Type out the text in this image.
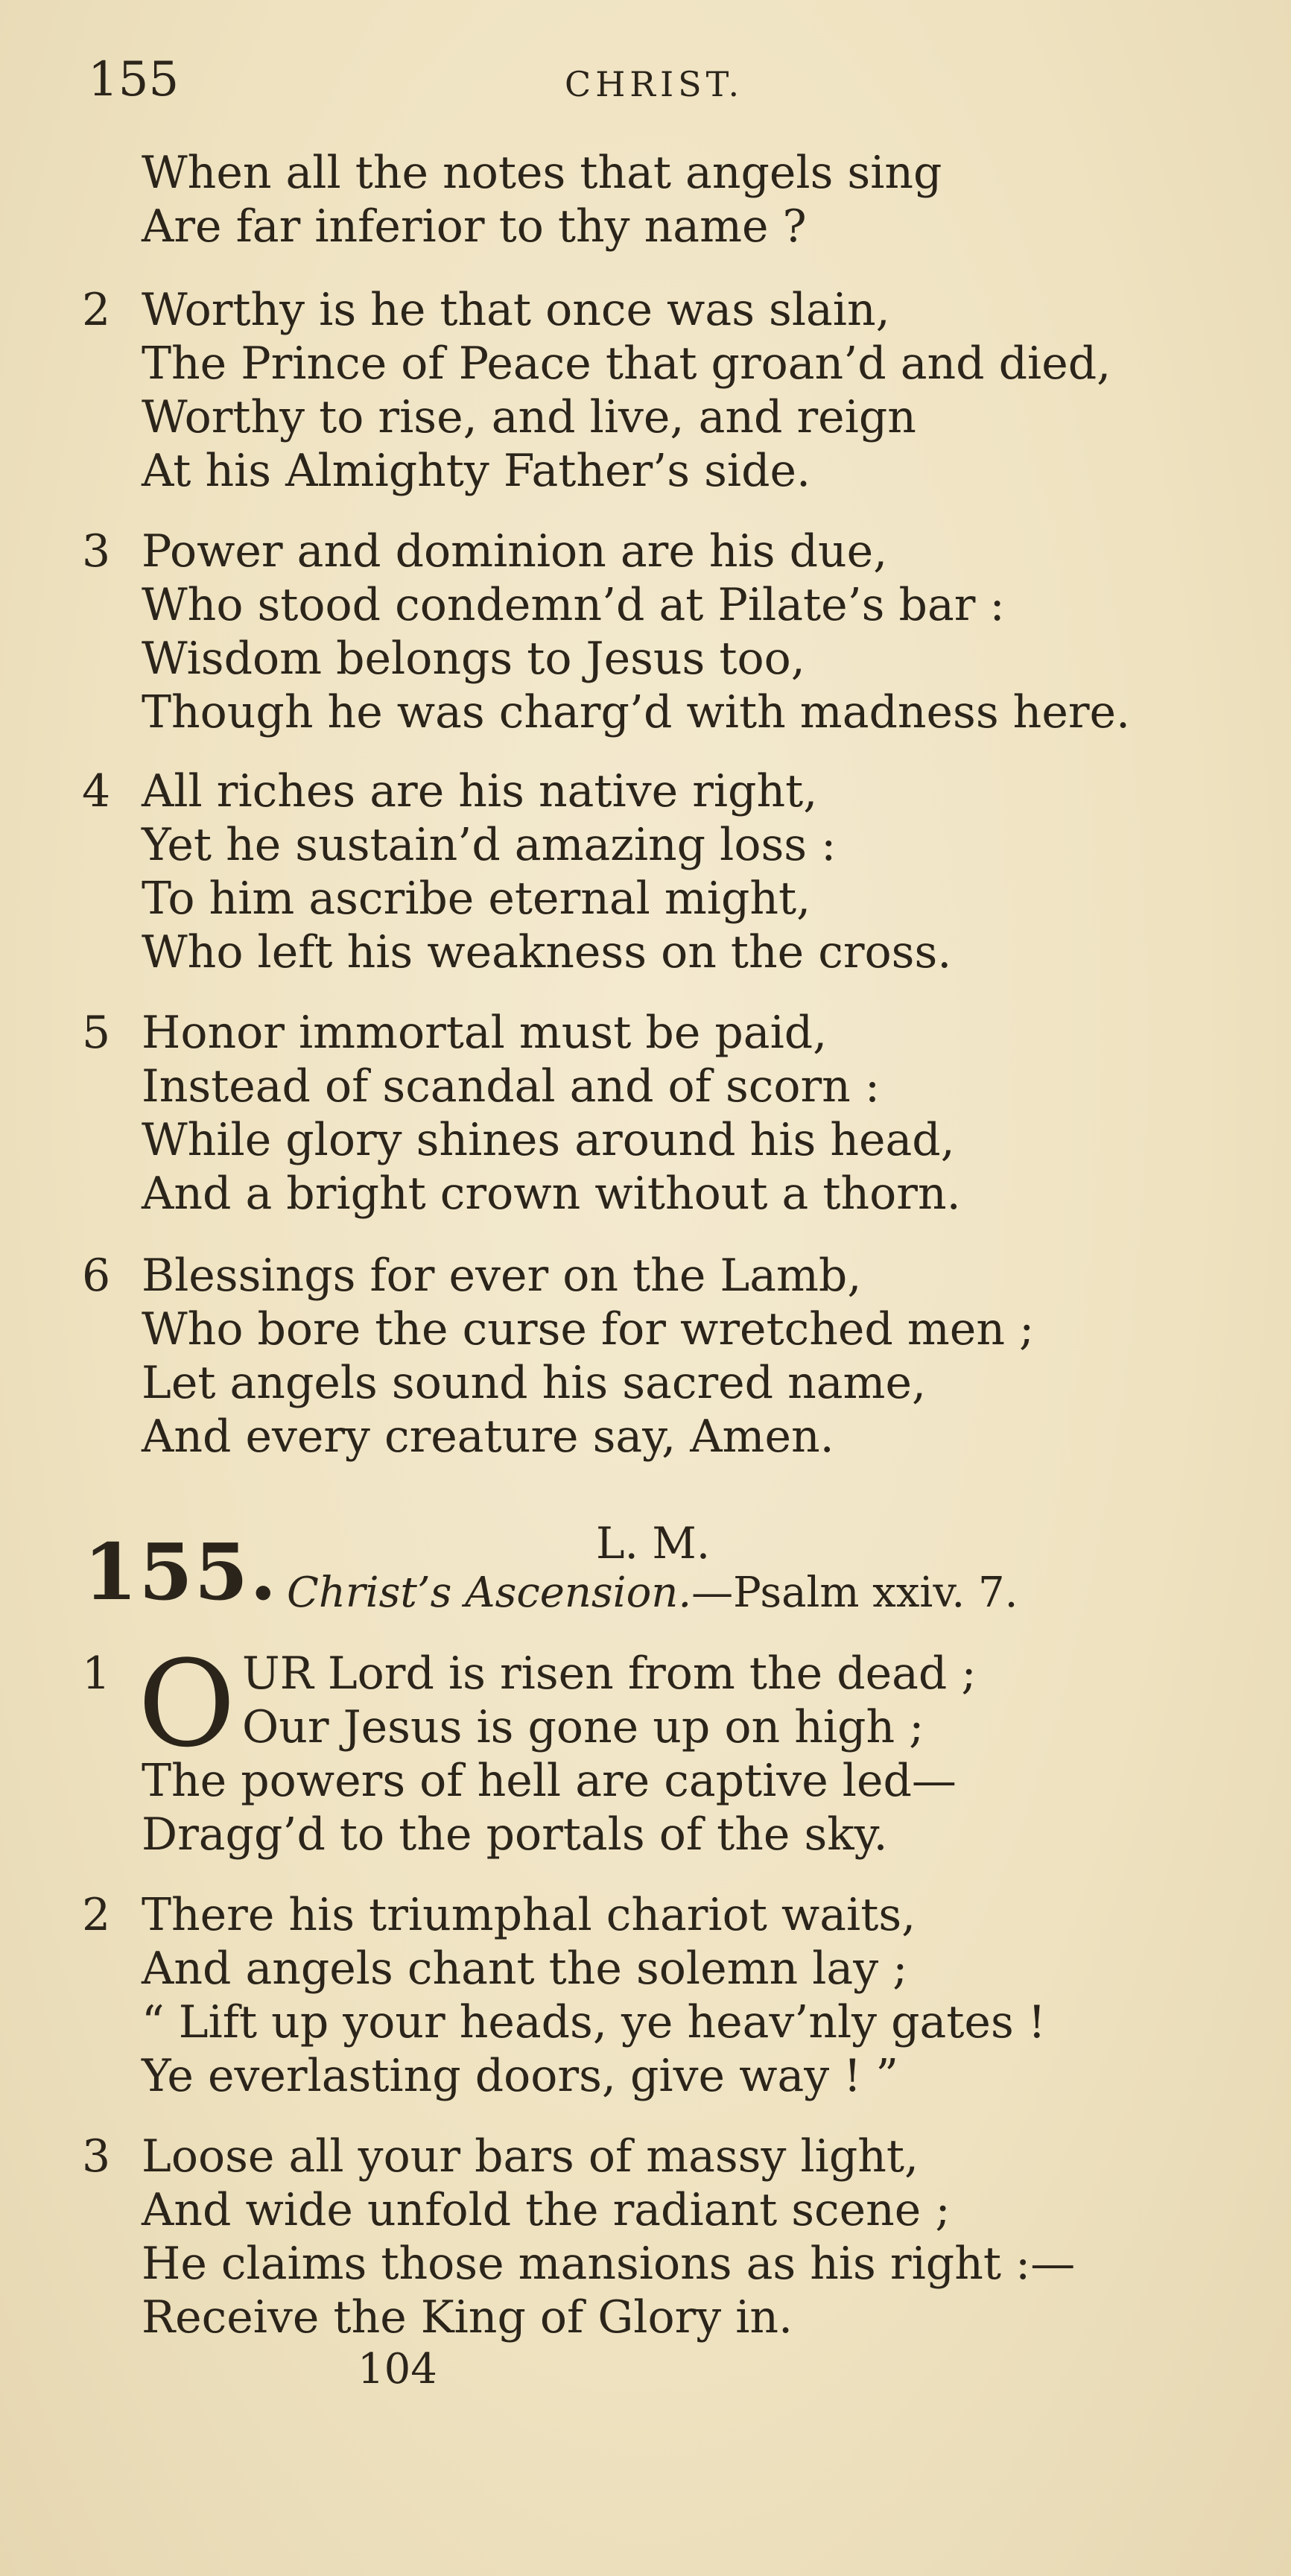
155	CHRIST.
When all the notes that angels sing
Are far inferior to thy name ?
2 Worthy is he that once was slain,
The Prince of Peace that groan’d and died,
Worthy to rise, and live, and reign
At his Almighty Father’s side.
3 Power and dominion are his due,
Who stood condemn’d at Pilate’s bar :
Wisdom belongs to Jesus too,
Though he was charg’d with madness here.
4 All riches are his native right,
Yet he sustain’d amazing loss :
To him ascribe eternal might,
Who left his weakness on the cross.
5 Honor immortal must be paid,
Instead of scandal and of scorn :
While glory shines around his head,
And a bright crown without a thorn.
6 Blessings for ever on the Lamb,
Who bore the curse for wretched men ;
Let angels sound his sacred name,
And every creature say, Amen.
L. M.
155. Christ’s Ascension.—Psalm xxiv. 7.
1 O UR Lord is risen from the dead ;
Our Jesus is gone up on high ;
The powers of hell are captive led—
Dragg’d to the portals of the sky.
2 There his triumphal chariot waits,
And angels chant the solemn lay ;
“ Lift up your heads, ye heav’nly gates !
Ye everlasting doors, give way ! ”
3 Loose all your bars of massy light,
And wide unfold the radiant scene ;
He claims those mansions as his right :—
Receive the King of Glory in.
104
